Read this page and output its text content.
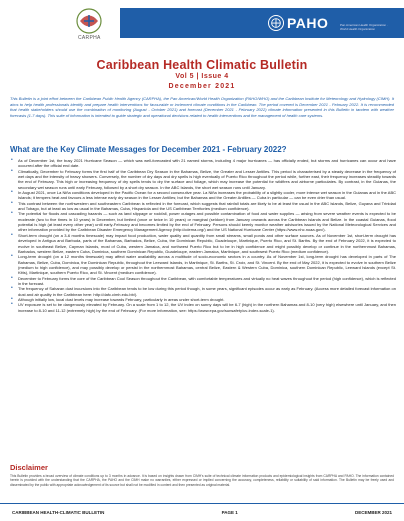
CARPHA
PAHO	Pan American Health Organization · World Health Organization
Caribbean Health Climatic Bulletin
Vol 5 | Issue 4
December 2021

This Bulletin is a joint effort between the Caribbean Public Health Agency (CARPHA), the Pan American/World Health Organization (PAHO/WHO) and the Caribbean Institute for Meteorology and Hydrology (CIMH). It aims to help health professionals identify and prepare health interventions for favourable or inclement climate conditions in the Caribbean. The period covered is December 2021 - February 2022. It is recommended that health stakeholders should use the combination of monitoring (August - October 2021) and forecast (December 2021 - February 2022) climate information presented in this Bulletin in tandem with weather forecasts (1-7 days). This suite of information is intended to guide strategic and operational decisions related to health interventions and the management of health care systems.

What are the Key Climate Messages for December 2021 - February 2022?
• As of December 1st, the busy 2021 Hurricane Season — which was well-forecasted with 21 named storms, including 4 major hurricanes — has officially ended, but storms and hurricanes can occur and have occurred after the official end date.
• Climatically, December to February forms the first half of the Caribbean Dry Season in the Bahamas, Belize, the Greater and Lesser Antilles. This period is characterised by a steady decrease in the frequency of wet days and the intensity of heavy showers. Conversely, the number of dry days and dry spells is high eventually of Puerto Rico throughout the period while, further east, their frequency increases steadily towards the end of February. This high or increasing frequency of dry spells tends to dry the surface and foliage, which may increase the potential for wildfires and airborne particulates. By contrast, in the Guianas, the secondary wet season runs until early February, followed by a short dry season. In the ABC Islands, the short wet season runs until January.
• In August 2021, once La Niña conditions developed in the Pacific Ocean for a second consecutive year. La Niña increases the probability of a slightly cooler, more intense wet season in the Guianas and in the ABC Islands; it tempers heat and favours a less intense early dry season in the Lesser Antilles; but the Bahamas and the Greater Antilles — Cuba in particular — can be even drier than usual.
• This contrast between the northwestern and southeastern Caribbean is reflected in the forecast, which suggests that rainfall totals are likely to be at least the usual in the ABC Islands, Belize, Guyana and Trinidad and Tobago, but at least as low as usual in the Bahamas, Cuba, Hispaniola and the US Caribbean Territories (medium confidence).
• The potential for floods and cascading hazards — such as land slippage or rockfall, power outages and possible contamination of food and water supplies — arising from severe weather events is expected to be moderate (two to five times in 10 years) in December, but limited (once or twice in 10 years) or marginal (seldom) from January onwards across the Caribbean Islands and Belize. In the coastal Guianas, flood potential is high (at least every other year) until early-February and becomes limited by the end of February. Persons should keenly monitor weather advisories issued by the National Meteorological Services and other information provided by the Caribbean Disaster Emergency Management Agency (http://cdema.org/) and the US National Hurricane Center (https://www.nhc.noaa.gov/).
• Short-term drought (on a 3-6 months timescale) may impact food production, water quality and quantity from small streams, small ponds and other surface sources. As of November 1st, short-term drought has developed in Antigua and Barbuda, parts of the Bahamas, Barbados, Belize, Cuba, the Dominican Republic, Guadeloupe, Martinique, Puerto Rico, and St. Barths. By the end of February 2022, it is expected to evolve in southeast Belize, Cayman Islands, most of Cuba, western Jamaica, and northwest Puerto Rico but to be in high confidence and might possibly develop or continue in the northernmost Bahamas, Barbados, western Belize, eastern Cuba, Dominica, southern Dominican Republic, Guadeloupe, eastern Jamaica, Martinique, and southwest Puerto Rico (medium confidence).
• Long-term drought (on a 12 months timescale) may affect water availability across a multitude of socio-economic sectors in a country. As of November 1st, long-term drought has developed in parts of The Bahamas, Belize, Cuba, Dominica, the Dominican Republic, throughout the Leeward Islands, in Martinique, St. Barths, St. Croix, and St. Vincent. By the end of May 2022, it is expected to evolve in southern Belize (medium to high confidence), and may possibly develop or persist in the northernmost Bahamas, central Belize, Eastern & Western Cuba, Dominica, southern Dominican Republic, Leeward Islands (except St. Kitts), Martinique, southern Puerto Rico, and St. Vincent (medium confidence).
• December to February forms the core of the Caribbean Cool Season throughout the Caribbean, with comfortable temperatures and virtually no heat waves throughout the period (high confidence), which is reflected in the forecast.
• The frequency of Saharan dust incursions into the Caribbean tends to be low during this period though, in some years, significant episodes occur as early as February. (Access more detailed forecast information on dust and air quality in the Caribbean here: http://dafc.cimh.edu.bb/).
• Although initially low, local dust levels may increase towards February, particularly in areas under short-term drought.
• UV exposure is set to be dangerously elevated by February. On a scale from 1 to 12, the UV index on sunny days will be 6-7 (high) in the northern Bahamas and 8-10 (very high) elsewhere until January, and then increase to 8-10 and 11-12 (extremely high) by the end of February. (For more information, see: https://www.epa.gov/sunsafety/uv-index-scale-1).
Disclaimer

This Bulletin provides a broad overview of climate conditions up to 3 months in advance. It is based on insights drawn from CIMH's suite of technical climate information products and epidemiological insights from CARPHA and PAHO. The information contained herein is provided with the understanding that the CARPHA, the PAHO and the CIMH make no warranties, either expressed or implied concerning the accuracy, completeness, reliability or suitability of said information. The Bulletin may be freely used and disseminated by the public with appropriate acknowledgement of its source but shall not be modified in content and then presented as original material.

CARIBBEAN HEALTH-CLIMATIC BULLETIN	PAGE 1	DECEMBER 2021
